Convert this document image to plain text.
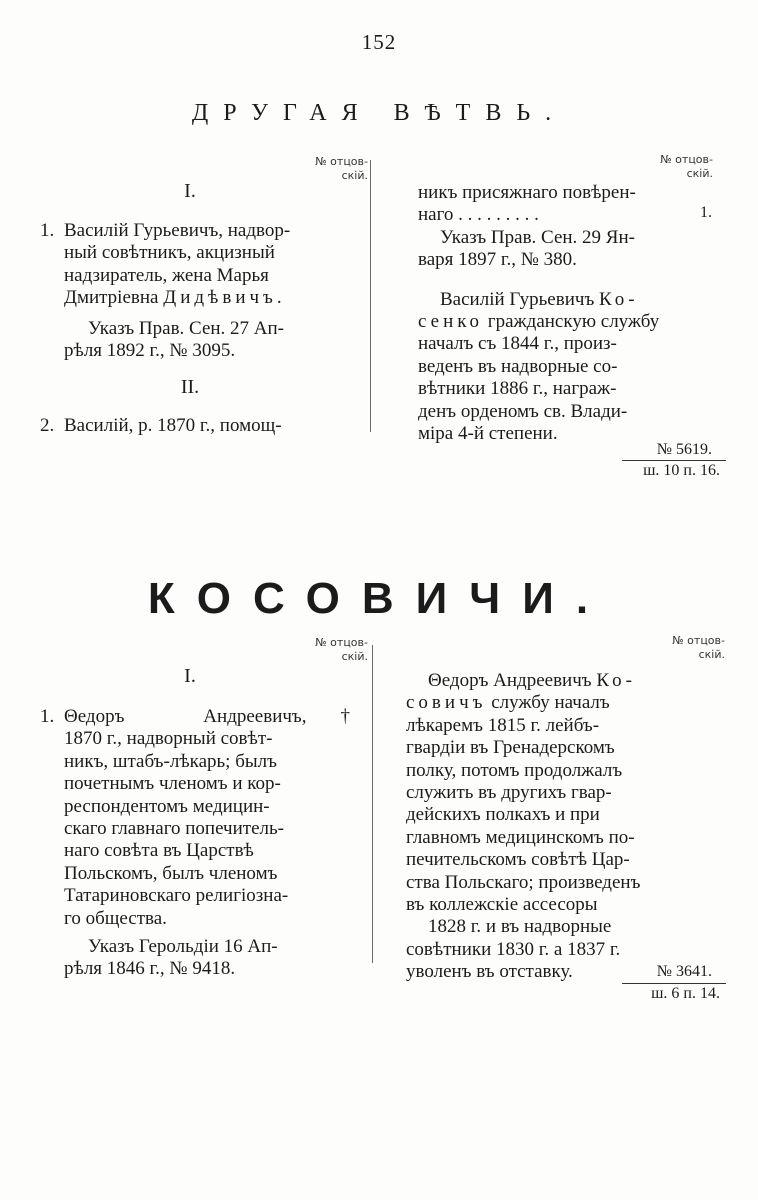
152
ДРУГАЯ ВѢТВЬ.
№ отцов-
скій.
№ отцов-
скій.
I.
1. Василій Гурьевичъ, надвор-
ный совѣтникъ, акцизный
надзиратель, жена Марья
Дмитріевна Дидѣвичъ.
Указъ Прав. Сен. 27 Ап-
рѣля 1892 г., № 3095.
II.
2. Василій, р. 1870 г., помощ-
никъ присяжнаго повѣрен-
наго . . . . . . . . .
Указъ Прав. Сен. 29 Ян-
варя 1897 г., № 380.
Василій Гурьевичъ Ко-
сенко гражданскую службу
началъ съ 1844 г., произ-
веденъ въ надворные со-
вѣтники 1886 г., награж-
денъ орденомъ св. Влади-
міра 4-й степени.
1.
№ 5619.
ш. 10 п. 16.
КОСОВИЧИ.
№ отцов-
скій.
№ отцов-
скій.
I.
1. Θедоръ Андреевичъ,	†
1870 г., надворный совѣт-
никъ, штабъ-лѣкарь; былъ
почетнымъ членомъ и кор-
респондентомъ медицин-
скаго главнаго попечитель-
наго совѣта въ Царствѣ
Польскомъ, былъ членомъ
Татариновскаго религіозна-
го общества.
Указъ Герольдіи 16 Ап-
рѣля 1846 г., № 9418.
Θедоръ Андреевичъ Ко-
совичъ службу началъ
лѣкаремъ 1815 г. лейбъ-
гвардіи въ Гренадерскомъ
полку, потомъ продолжалъ
служить въ другихъ гвар-
дейскихъ полкахъ и при
главномъ медицинскомъ по-
печительскомъ совѣтѣ Цар-
ства Польскаго; произведенъ
въ коллежскіе ассесоры
1828 г. и въ надворные
совѣтники 1830 г. а 1837 г.
уволенъ въ отставку.	№ 3641.
ш. 6 п. 14.
